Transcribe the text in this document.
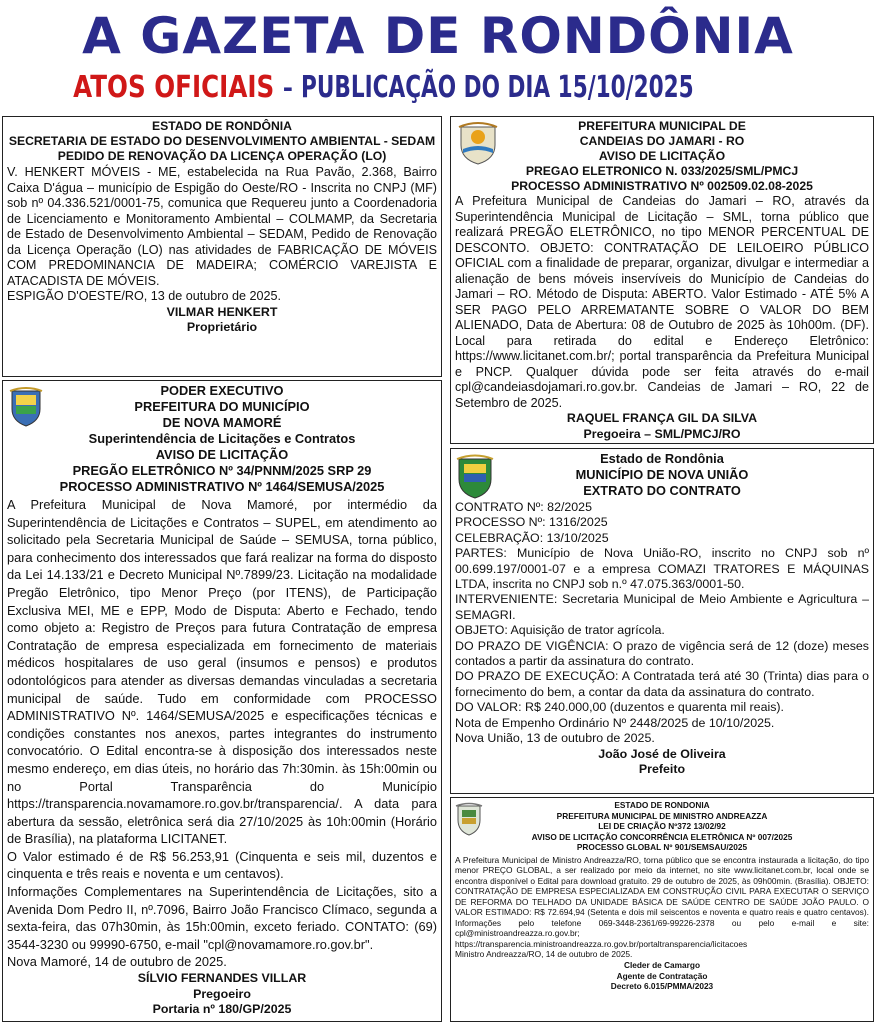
A GAZETA DE RONDÔNIA
ATOS OFICIAIS - PUBLICAÇÃO DO DIA 15/10/2025
ESTADO DE RONDÔNIA
SECRETARIA DE ESTADO DO DESENVOLVIMENTO AMBIENTAL - SEDAM
PEDIDO DE RENOVAÇÃO DA LICENÇA OPERAÇÃO (LO)

V. HENKERT MÓVEIS - ME, estabelecida na Rua Pavão, 2.368, Bairro Caixa D'água – município de Espigão do Oeste/RO - Inscrita no CNPJ (MF) sob nº 04.336.521/0001-75, comunica que Requereu junto a Coordenadoria de Licenciamento e Monitoramento Ambiental – COLMAMP, da Secretaria de Estado de Desenvolvimento Ambiental – SEDAM, Pedido de Renovação da Licença Operação (LO) nas atividades de FABRICAÇÃO DE MÓVEIS COM PREDOMINANCIA DE MADEIRA; COMÉRCIO VAREJISTA E ATACADISTA DE MÓVEIS.

ESPIGÃO D'OESTE/RO, 13 de outubro de 2025.

VILMAR HENKERT
Proprietário
PODER EXECUTIVO
PREFEITURA DO MUNICÍPIO
DE NOVA MAMORÉ
Superintendência de Licitações e Contratos
AVISO DE LICITAÇÃO
PREGÃO ELETRÔNICO Nº 34/PNNM/2025 SRP 29
PROCESSO ADMINISTRATIVO Nº 1464/SEMUSA/2025

A Prefeitura Municipal de Nova Mamoré, por intermédio da Superintendência de Licitações e Contratos – SUPEL, em atendimento ao solicitado pela Secretaria Municipal de Saúde – SEMUSA, torna público, para conhecimento dos interessados que fará realizar na forma do disposto da Lei 14.133/21 e Decreto Municipal Nº.7899/23. Licitação na modalidade Pregão Eletrônico, tipo Menor Preço (por ITENS), de Participação Exclusiva MEI, ME e EPP, Modo de Disputa: Aberto e Fechado, tendo como objeto a: Registro de Preços para futura Contratação de empresa Contratação de empresa especializada em fornecimento de materiais médicos hospitalares de uso geral (insumos e pensos) e produtos odontológicos para atender as diversas demandas vinculadas a secretaria municipal de saúde. Tudo em conformidade com PROCESSO ADMINISTRATIVO Nº. 1464/SEMUSA/2025 e especificações técnicas e condições constantes nos anexos, partes integrantes do instrumento convocatório. O Edital encontra-se à disposição dos interessados neste mesmo endereço, em dias úteis, no horário das 7h:30min. às 15h:00min ou no Portal Transparência do Município https://transparencia.novamamore.ro.gov.br/transparencia/. A data para abertura da sessão, eletrônica será dia 27/10/2025 às 10h:00min (Horário de Brasília), na plataforma LICITANET.

O Valor estimado é de R$ 56.253,91 (Cinquenta e seis mil, duzentos e cinquenta e três reais e noventa e um centavos).

Informações Complementares na Superintendência de Licitações, sito a Avenida Dom Pedro II, nº.7096, Bairro João Francisco Clímaco, segunda a sexta-feira, das 07h30min, às 15h:00min, exceto feriado. CONTATO: (69) 3544-3230 ou 99990-6750, e-mail "cpl@novamamore.ro.gov.br".

Nova Mamoré, 14 de outubro de 2025.

SÍLVIO FERNANDES VILLAR
Pregoeiro
Portaria nº 180/GP/2025
PREFEITURA MUNICIPAL DE
CANDEIAS DO JAMARI - RO
AVISO DE LICITAÇÃO
PREGAO ELETRONICO N. 033/2025/SML/PMCJ
PROCESSO ADMINISTRATIVO Nº 002509.02.08-2025

A Prefeitura Municipal de Candeias do Jamari – RO, através da Superintendência Municipal de Licitação – SML, torna público que realizará PREGÃO ELETRÔNICO, no tipo MENOR PERCENTUAL DE DESCONTO. OBJETO: CONTRATAÇÃO DE LEILOEIRO PÚBLICO OFICIAL com a finalidade de preparar, organizar, divulgar e intermediar a alienação de bens móveis inservíveis do Município de Candeias do Jamari – RO. Método de Disputa: ABERTO. Valor Estimado - ATÉ 5% A SER PAGO PELO ARREMATANTE SOBRE O VALOR DO BEM ALIENADO, Data de Abertura: 08 de Outubro de 2025 às 10h00m. (DF). Local para retirada do edital e Endereço Eletrônico: https://www.licitanet.com.br/; portal transparência da Prefeitura Municipal e PNCP. Qualquer dúvida pode ser feita através do e-mail cpl@candeiasdojamari.ro.gov.br. Candeias de Jamari – RO, 22 de Setembro de 2025.

RAQUEL FRANÇA GIL DA SILVA
Pregoeira – SML/PMCJ/RO
Estado de Rondônia
MUNICÍPIO DE NOVA UNIÃO
EXTRATO DO CONTRATO

CONTRATO Nº: 82/2025

PROCESSO Nº: 1316/2025

CELEBRAÇÃO: 13/10/2025

PARTES: Município de Nova União-RO, inscrito no CNPJ sob nº 00.699.197/0001-07 e a empresa COMAZI TRATORES E MÁQUINAS LTDA, inscrita no CNPJ sob n.º 47.075.363/0001-50.

INTERVENIENTE: Secretaria Municipal de Meio Ambiente e Agricultura – SEMAGRI.

OBJETO: Aquisição de trator agrícola.

DO PRAZO DE VIGÊNCIA: O prazo de vigência será de 12 (doze) meses contados a partir da assinatura do contrato.

DO PRAZO DE EXECUÇÃO: A Contratada terá até 30 (Trinta) dias para o fornecimento do bem, a contar da data da assinatura do contrato.

DO VALOR: R$ 240.000,00 (duzentos e quarenta mil reais).

Nota de Empenho Ordinário Nº 2448/2025 de 10/10/2025.

Nova União, 13 de outubro de 2025.

João José de Oliveira
Prefeito
ESTADO DE RONDONIA
PREFEITURA MUNICIPAL DE MINISTRO ANDREAZZA
LEI DE CRIAÇÃO Nº372 13/02/92
AVISO DE LICITAÇÃO CONCORRÊNCIA ELETRÔNICA Nº 007/2025
PROCESSO GLOBAL Nº 901/SEMSAU/2025

A Prefeitura Municipal de Ministro Andreazza/RO, torna público que se encontra instaurada a licitação, do tipo menor PREÇO GLOBAL, a ser realizado por meio da internet, no site www.licitanet.com.br, local onde se encontra disponível o Edital para download gratuito. 29 de outubro de 2025, às 09h00min. (Brasília). OBJETO: CONTRATAÇÃO DE EMPRESA ESPECIALIZADA EM CONSTRUÇÃO CIVIL PARA EXECUTAR O SERVIÇO DE REFORMA DO TELHADO DA UNIDADE BÁSICA DE SAÚDE CENTRO DE SAÚDE JOÃO PAULO. O VALOR ESTIMADO: R$ 72.694,94 (Setenta e dois mil seiscentos e noventa e quatro reais e quatro centavos). Informações pelo telefone 069-3448-2361/69-99226-2378 ou pelo e-mail e site: cpl@ministroandreazza.ro.gov.br; https://transparencia.ministroandreazza.ro.gov.br/portaltransparencia/licitacoes

Ministro Andreazza/RO, 14 de outubro de 2025.

Cleder de Camargo
Agente de Contratação
Decreto 6.015/PMMA/2023
